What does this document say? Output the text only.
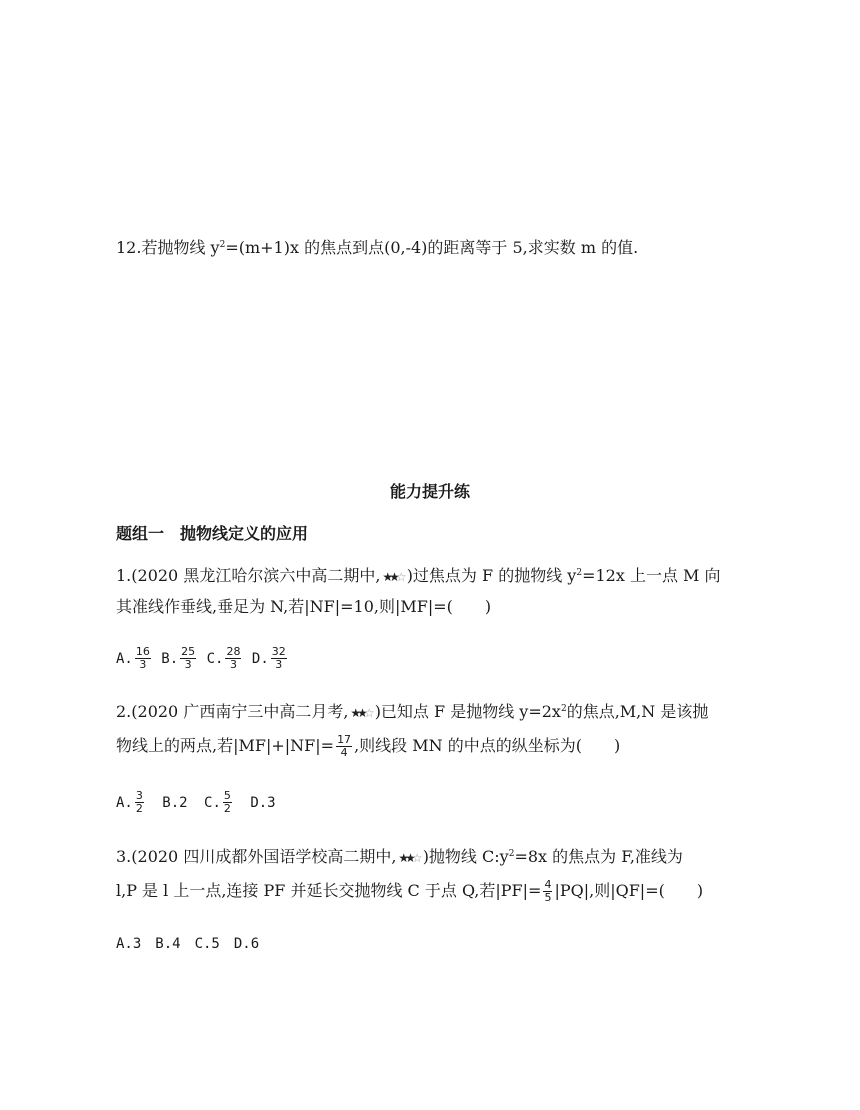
12.若抛物线 $y^2=(m+1)x$ 的焦点到点(0,-4)的距离等于 5,求实数 m 的值.
能力提升练
题组一　抛物线定义的应用
1.(2020 黑龙江哈尔滨六中高二期中, ★★☆ )过焦点为 F 的抛物线 $y^2=12x$ 上一点 M 向
其准线作垂线,垂足为 N,若|NF|=10,则|MF|=(　　)
A. $\frac{16}{3} B$. $\frac{25}{3} C$. $\frac{28}{3} D$. $\frac{32}{3}$
2.(2020 广西南宁三中高二月考, ★★☆ )已知点 F 是抛物线 $y=2x^2$的焦点,M,N 是该抛
物线上的两点,若$|MF|+|NF|= \frac{17}{4}$ ,则线段 MN 的中点的纵坐标为(　　)
A. $\frac{3}{2} B.2$ C. $\frac{5}{2} D.3$
3.(2020 四川成都外国语学校高二期中, ★★☆ )抛物线 $C:y^2=8x$ 的焦点为 F,准线为
l,P 是 l 上一点,连接 PF 并延长交抛物线 C 于点 Q,若$|PF|= \frac{4}{5} |PQ|$,则|QF|=(　　)
A.3　B.4　C.5　D.6
